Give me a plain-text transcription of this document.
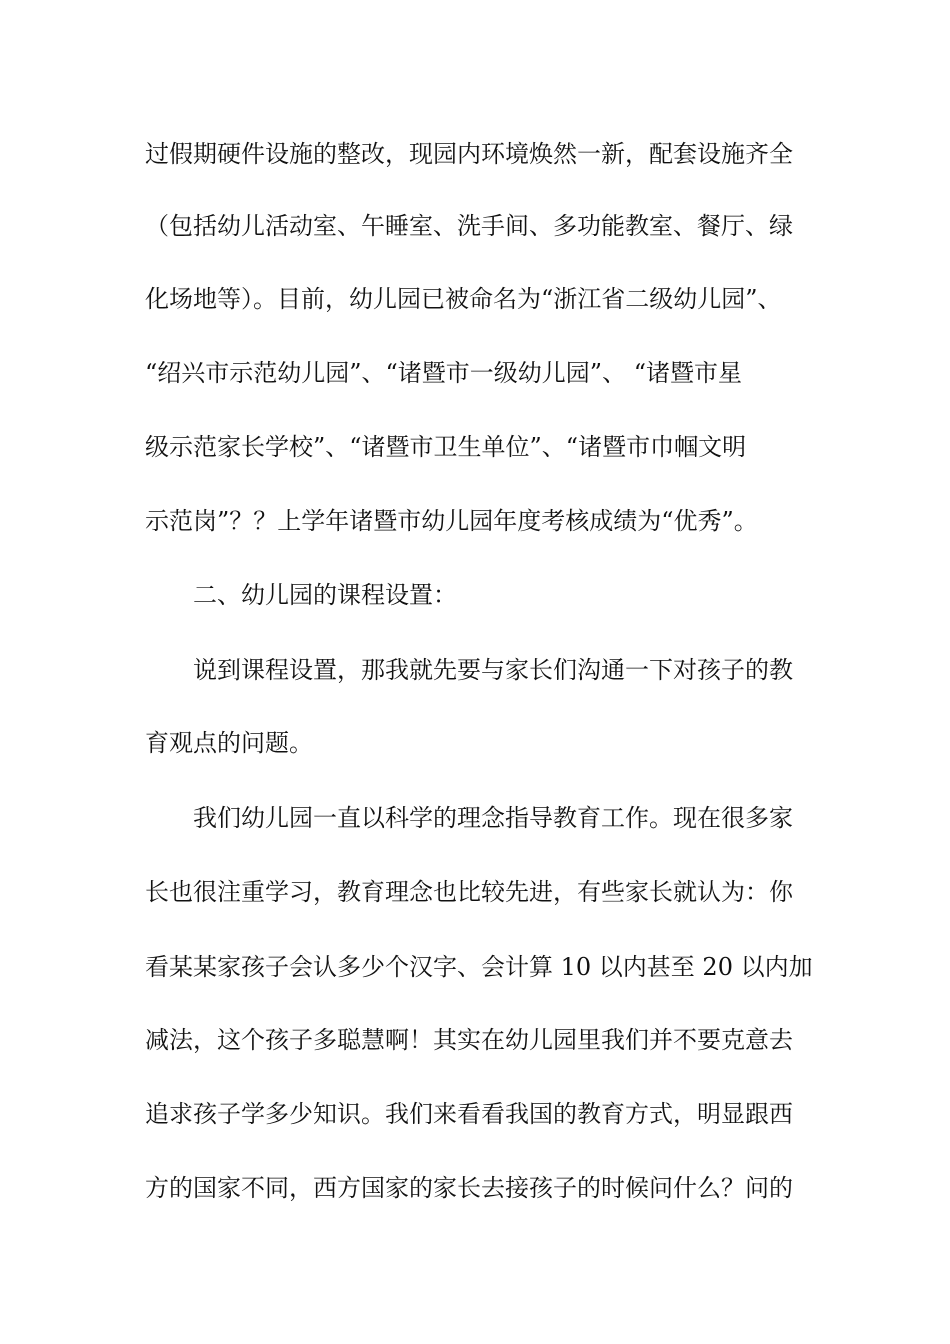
过假期硬件设施的整改，现园内环境焕然一新，配套设施齐全
（包括幼儿活动室、午睡室、洗手间、多功能教室、餐厅、绿
化场地等）。目前，幼儿园已被命名为“浙江省二级幼儿园”、
“绍兴市示范幼儿园”、“诸暨市一级幼儿园”、 “诸暨市星
级示范家长学校”、“诸暨市卫生单位”、“诸暨市巾帼文明
示范岗”？？上学年诸暨市幼儿园年度考核成绩为“优秀”。
二、幼儿园的课程设置：
说到课程设置，那我就先要与家长们沟通一下对孩子的教
育观点的问题。
我们幼儿园一直以科学的理念指导教育工作。现在很多家
长也很注重学习，教育理念也比较先进，有些家长就认为：你
看某某家孩子会认多少个汉字、会计算 10 以内甚至 20 以内加
减法，这个孩子多聪慧啊！其实在幼儿园里我们并不要克意去
追求孩子学多少知识。我们来看看我国的教育方式，明显跟西
方的国家不同，西方国家的家长去接孩子的时候问什么？问的
